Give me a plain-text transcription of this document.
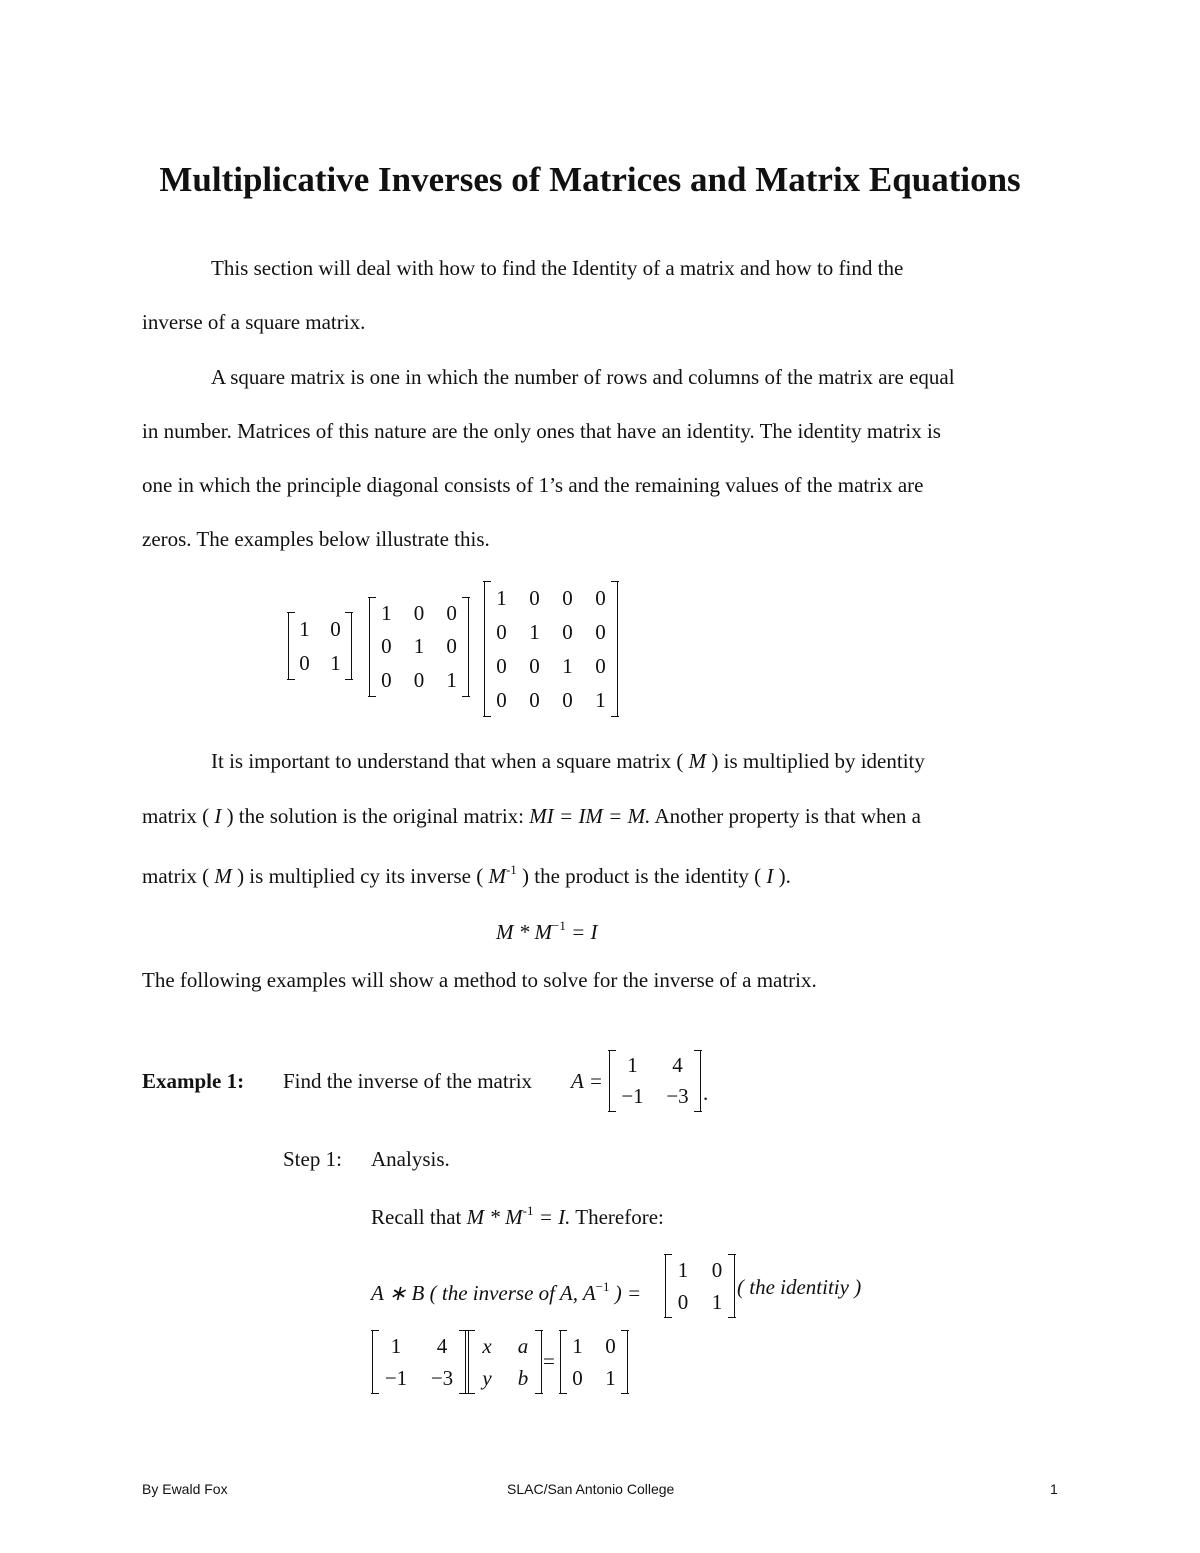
Multiplicative Inverses of Matrices and Matrix Equations
This section will deal with how to find the Identity of a matrix and how to find the
inverse of a square matrix.
A square matrix is one in which the number of rows and columns of the matrix are equal
in number. Matrices of this nature are the only ones that have an identity. The identity matrix is
one in which the principle diagonal consists of 1’s and the remaining values of the matrix are
zeros. The examples below illustrate this.
1 0
0 1
1 0 0
0 1 0
0 0 1
1 0 0 0
0 1 0 0
0 0 1 0
0 0 0 1
It is important to understand that when a square matrix ( M ) is multiplied by identity
matrix ( I ) the solution is the original matrix: MI = IM = M. Another property is that when a
matrix ( M ) is multiplied cy its inverse ( $M^{-1}$ ) the product is the identity ( I ).
$M * M^{-1} = I$
The following examples will show a method to solve for the inverse of a matrix.
Example 1: Find the inverse of the matrix A =
1 4
−1 −3 .
Step 1: Analysis.
Recall that $M * M^{-1} = I$. Therefore:
A ∗ B ( the inverse of A, $A^{-1}$ ) =
1 0
0 1
( the identitiy )
1 4
−1 −3
x a
y b
=
1 0
0 1
By Ewald Fox	SLAC/San Antonio College	1
